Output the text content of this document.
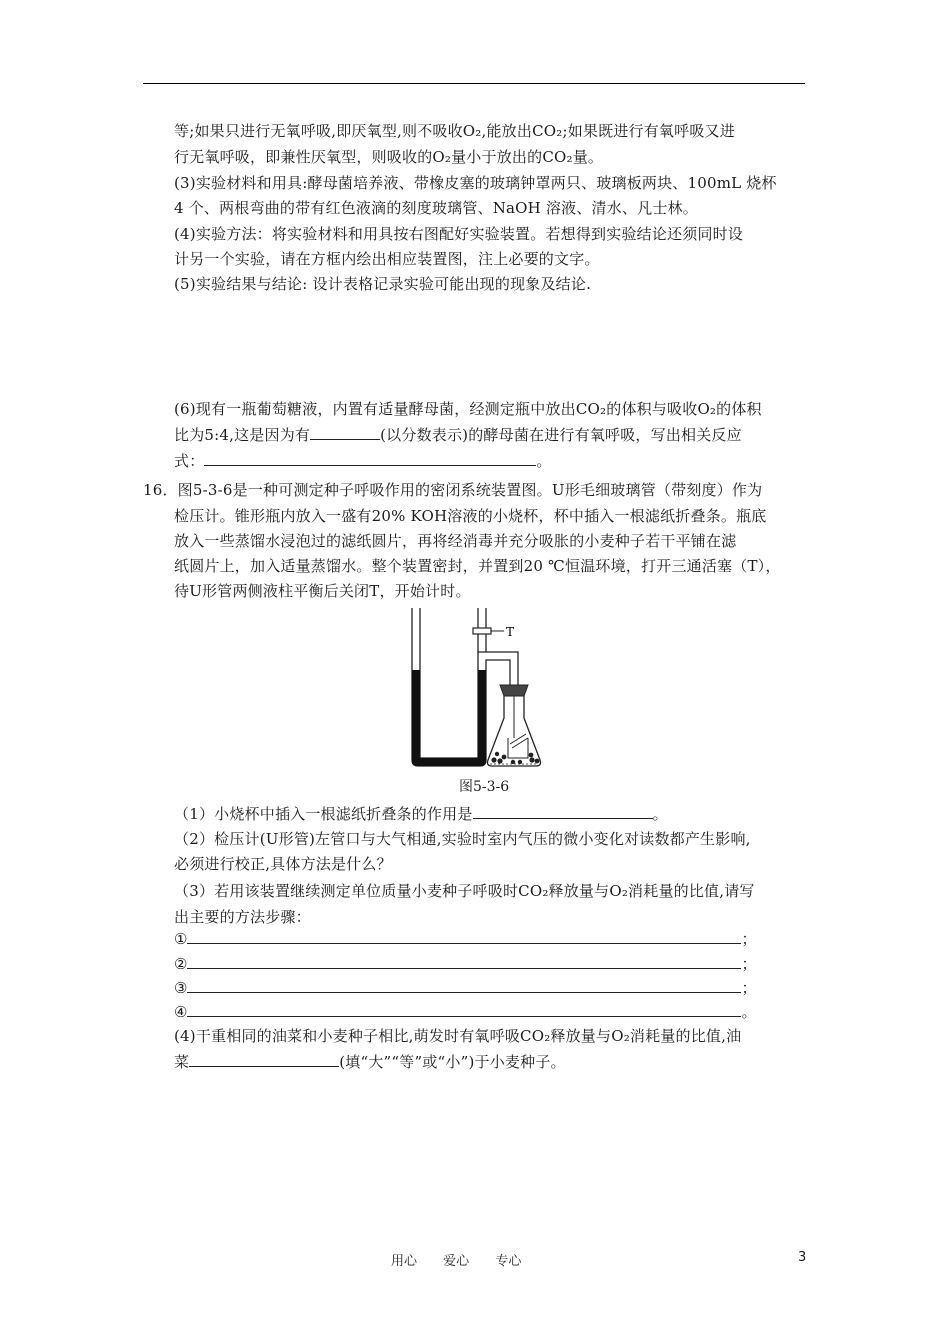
等;如果只进行无氧呼吸,即厌氧型,则不吸收O₂,能放出CO₂;如果既进行有氧呼吸又进
行无氧呼吸，即兼性厌氧型，则吸收的O₂量小于放出的CO₂量。
(3)实验材料和用具:酵母菌培养液、带橡皮塞的玻璃钟罩两只、玻璃板两块、100mL 烧杯
4 个、两根弯曲的带有红色液滴的刻度玻璃管、NaOH 溶液、清水、凡士林。
(4)实验方法：将实验材料和用具按右图配好实验装置。若想得到实验结论还须同时设
计另一个实验，请在方框内绘出相应装置图，注上必要的文字。
(5)实验结果与结论: 设计表格记录实验可能出现的现象及结论.
(6)现有一瓶葡萄糖液，内置有适量酵母菌，经测定瓶中放出CO₂的体积与吸收O₂的体积
比为5:4,这是因为有	(以分数表示)的酵母菌在进行有氧呼吸，写出相关反应
式：	。
16．图5-3-6是一种可测定种子呼吸作用的密闭系统装置图。U形毛细玻璃管（带刻度）作为
检压计。锥形瓶内放入一盛有20% KOH溶液的小烧杯，杯中插入一根滤纸折叠条。瓶底
放入一些蒸馏水浸泡过的滤纸圆片，再将经消毒并充分吸胀的小麦种子若干平铺在滤
纸圆片上，加入适量蒸馏水。整个装置密封，并置到20 ℃恒温环境，打开三通活塞（T），
待U形管两侧液柱平衡后关闭T，开始计时。
T
图5-3-6
（1）小烧杯中插入一根滤纸折叠条的作用是	。
（2）检压计(U形管)左管口与大气相通,实验时室内气压的微小变化对读数都产生影响,
必须进行校正,具体方法是什么？
（3）若用该装置继续测定单位质量小麦种子呼吸时CO₂释放量与O₂消耗量的比值,请写
出主要的方法步骤：
①	；
②	；
③	；
④	。
(4)干重相同的油菜和小麦种子相比,萌发时有氧呼吸CO₂释放量与O₂消耗量的比值,油
菜	(填“大”“等”或“小”)于小麦种子。
用心 爱心 专心	3
